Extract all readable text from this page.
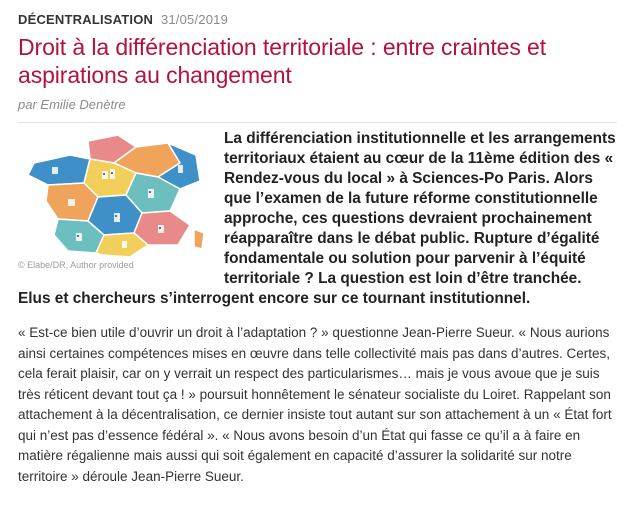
DÉCENTRALISATION 31/05/2019
Droit à la différenciation territoriale : entre craintes et aspirations au changement
par Emilie Denètre
© Elabe/DR, Author provided

La différenciation institutionnelle et les arrangements territoriaux étaient au cœur de la 11ème édition des « Rendez-vous du local » à Sciences-Po Paris. Alors que l’examen de la future réforme constitutionnelle approche, ces questions devraient prochainement réapparaître dans le débat public. Rupture d’égalité fondamentale ou solution pour parvenir à l’équité territoriale ? La question est loin d’être tranchée. Elus et chercheurs s’interrogent encore sur ce tournant institutionnel.

« Est-ce bien utile d’ouvrir un droit à l’adaptation ? » questionne Jean-Pierre Sueur. « Nous aurions ainsi certaines compétences mises en œuvre dans telle collectivité mais pas dans d’autres. Certes, cela ferait plaisir, car on y verrait un respect des particularismes… mais je vous avoue que je suis très réticent devant tout ça ! » poursuit honnêtement le sénateur socialiste du Loiret. Rappelant son attachement à la décentralisation, ce dernier insiste tout autant sur son attachement à un « État fort qui n’est pas d’essence fédéral ». « Nous avons besoin d’un État qui fasse ce qu’il a à faire en matière régalienne mais aussi qui soit également en capacité d’assurer la solidarité sur notre territoire » déroule Jean-Pierre Sueur.
